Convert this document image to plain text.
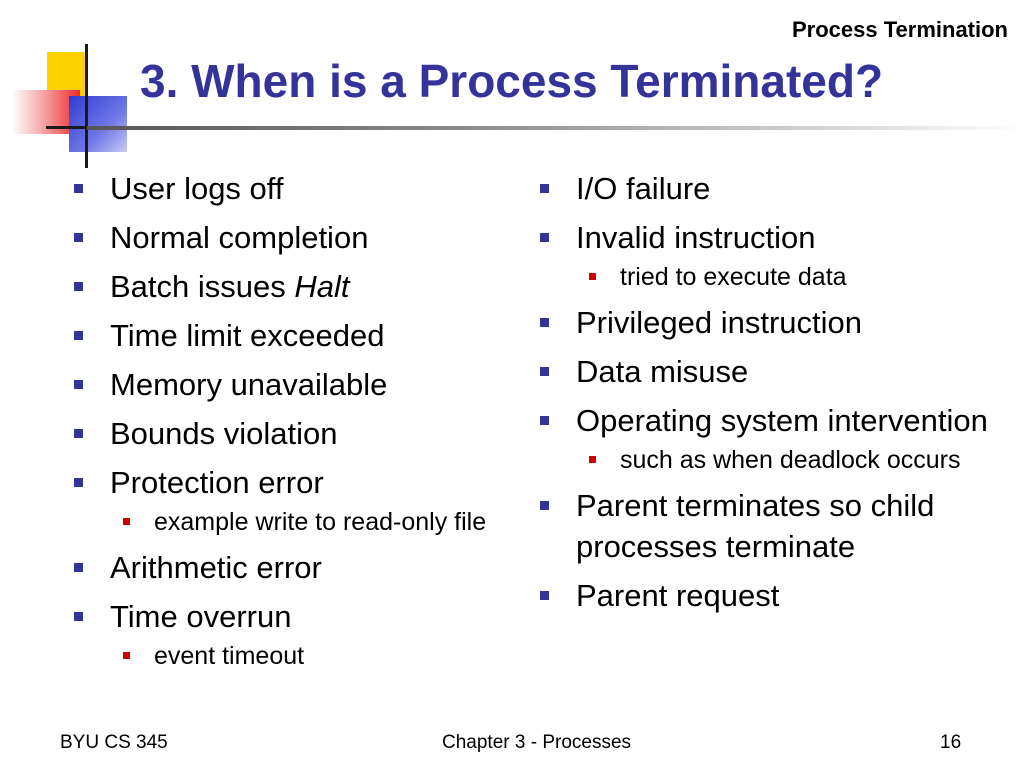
Process Termination
3. When is a Process Terminated?
User logs off
Normal completion
Batch issues Halt
Time limit exceeded
Memory unavailable
Bounds violation
Protection error
example write to read-only file
Arithmetic error
Time overrun
event timeout
I/O failure
Invalid instruction
tried to execute data
Privileged instruction
Data misuse
Operating system intervention
such as when deadlock occurs
Parent terminates so child processes terminate
Parent request
BYU CS 345	Chapter 3 - Processes	16
